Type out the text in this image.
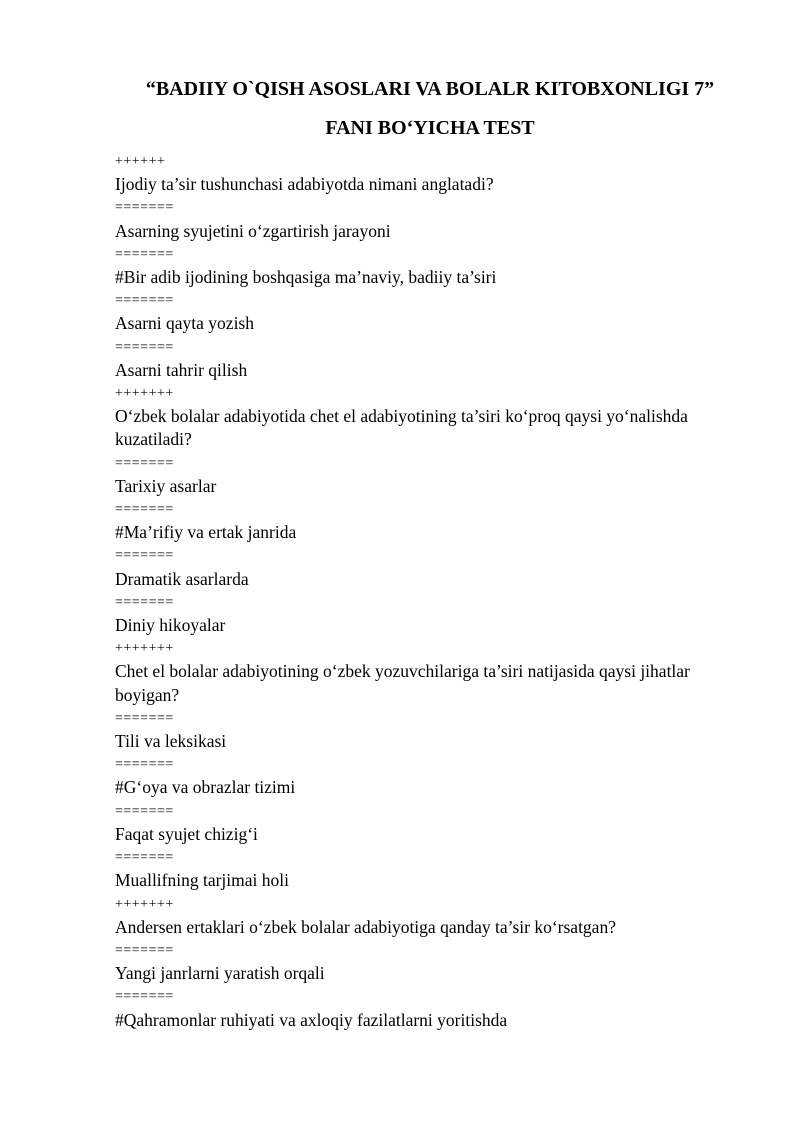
“BADIIY O`QISH ASOSLARI VA BOLALR KITOBXONLIGI 7”
FANI BO‘YICHA TEST
++++++
Ijodiy ta’sir tushunchasi adabiyotda nimani anglatadi?
=======
Asarning syujetini o‘zgartirish jarayoni
=======
#Bir adib ijodining boshqasiga ma’naviy, badiiy ta’siri
=======
Asarni qayta yozish
=======
Asarni tahrir qilish
+++++++
O‘zbek bolalar adabiyotida chet el adabiyotining ta’siri ko‘proq qaysi yo‘nalishda kuzatiladi?
=======
Tarixiy asarlar
=======
#Ma’rifiy va ertak janrida
=======
Dramatik asarlarda
=======
Diniy hikoyalar
+++++++
Chet el bolalar adabiyotining o‘zbek yozuvchilariga ta’siri natijasida qaysi jihatlar boyigan?
=======
Tili va leksikasi
=======
#G‘oya va obrazlar tizimi
=======
Faqat syujet chizig‘i
=======
Muallifning tarjimai holi
+++++++
Andersen ertaklari o‘zbek bolalar adabiyotiga qanday ta’sir ko‘rsatgan?
=======
Yangi janrlarni yaratish orqali
=======
#Qahramonlar ruhiyati va axloqiy fazilatlarni yoritishda
